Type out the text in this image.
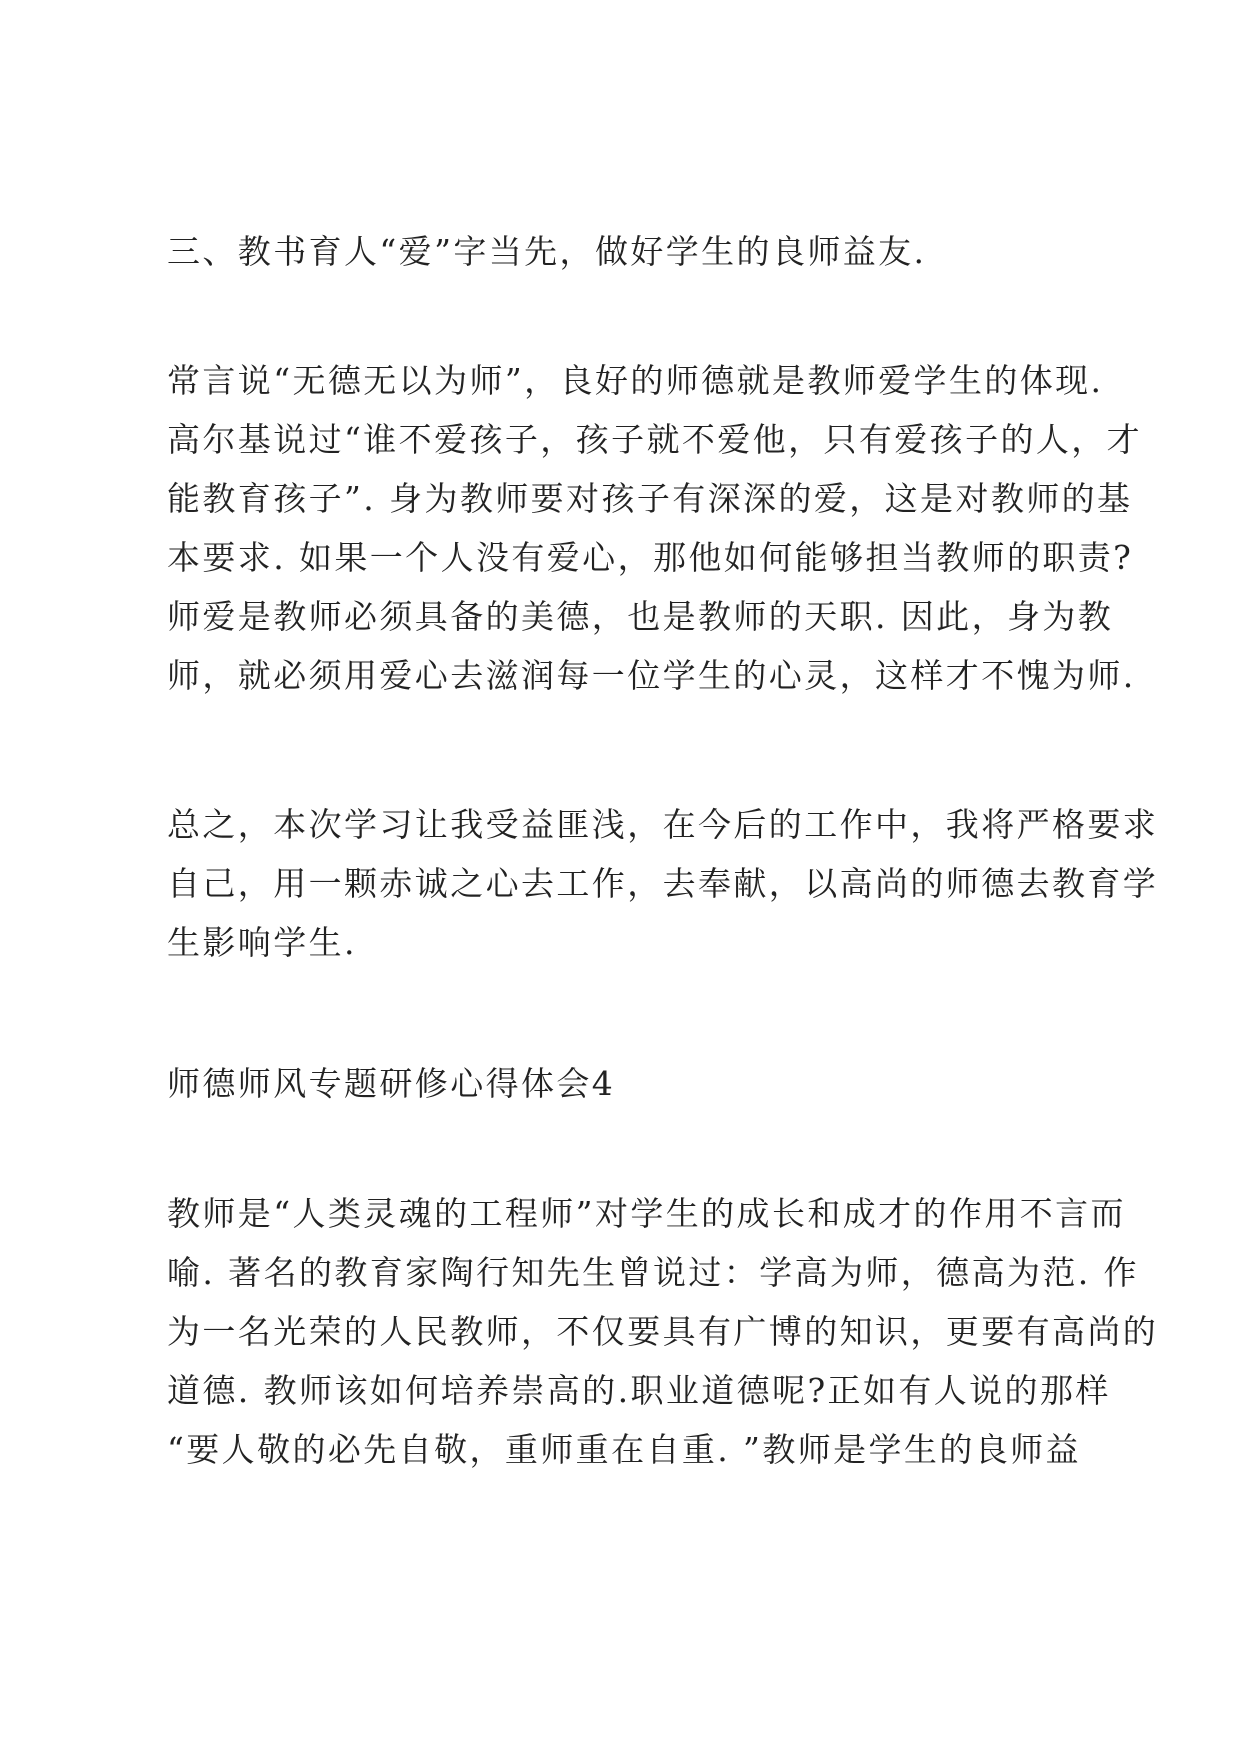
三、教书育人“爱”字当先，做好学生的良师益友.
常言说“无德无以为师”，良好的师德就是教师爱学生的体现.
高尔基说过“谁不爱孩子，孩子就不爱他，只有爱孩子的人，才
能教育孩子”. 身为教师要对孩子有深深的爱，这是对教师的基
本要求. 如果一个人没有爱心，那他如何能够担当教师的职责?
师爱是教师必须具备的美德，也是教师的天职. 因此，身为教
师，就必须用爱心去滋润每一位学生的心灵，这样才不愧为师.
总之，本次学习让我受益匪浅，在今后的工作中，我将严格要求
自己，用一颗赤诚之心去工作，去奉献，以高尚的师德去教育学
生影响学生.
师德师风专题研修心得体会4
教师是“人类灵魂的工程师”对学生的成长和成才的作用不言而
喻. 著名的教育家陶行知先生曾说过：学高为师，德高为范. 作
为一名光荣的人民教师，不仅要具有广博的知识，更要有高尚的
道德. 教师该如何培养崇高的.职业道德呢?正如有人说的那样
“要人敬的必先自敬，重师重在自重. ”教师是学生的良师益
